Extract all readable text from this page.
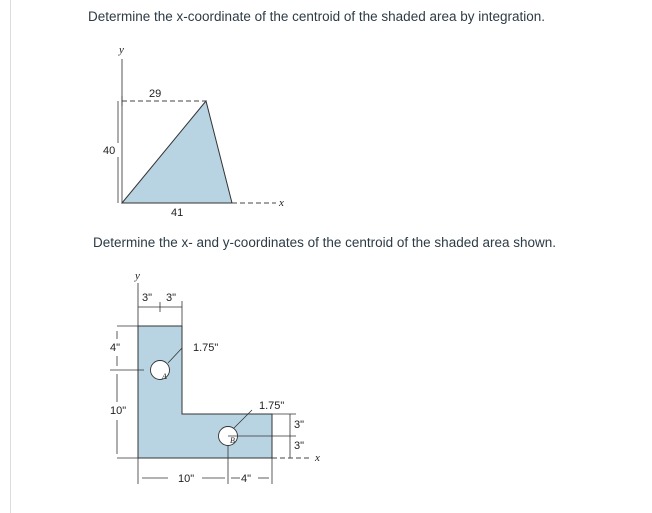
Determine the x-coordinate of the centroid of the shaded area by integration.

y
29
40
x
41

Determine the x- and y-coordinates of the centroid of the shaded area shown.

y
3" 3"
4"
10"
1.75"
A
1.75"
B
3"
3"
x
10"	4"
